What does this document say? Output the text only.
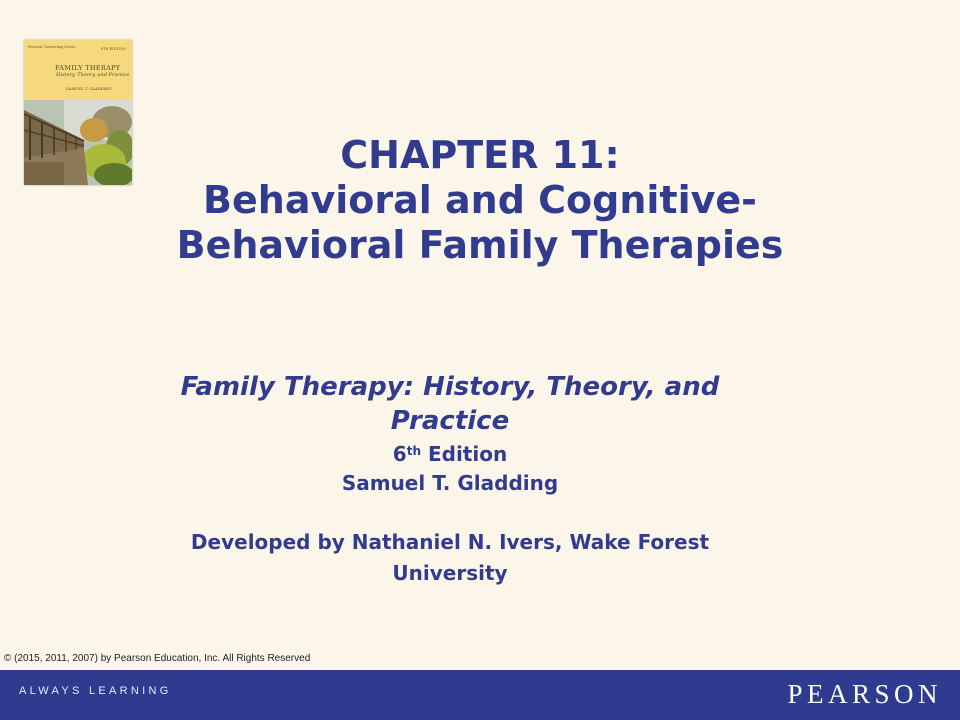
Pearson Counseling Series	6TH EDITION
FAMILY THERAPY
History, Theory, and Practice
SAMUEL T. GLADDING
CHAPTER 11:
Behavioral and Cognitive-
Behavioral Family Therapies
Family Therapy: History, Theory, and
Practice
6th Edition
Samuel T. Gladding
Developed by Nathaniel N. Ivers, Wake Forest
University
© (2015, 2011, 2007) by Pearson Education, Inc. All Rights Reserved
ALWAYS LEARNING	PEARSON
